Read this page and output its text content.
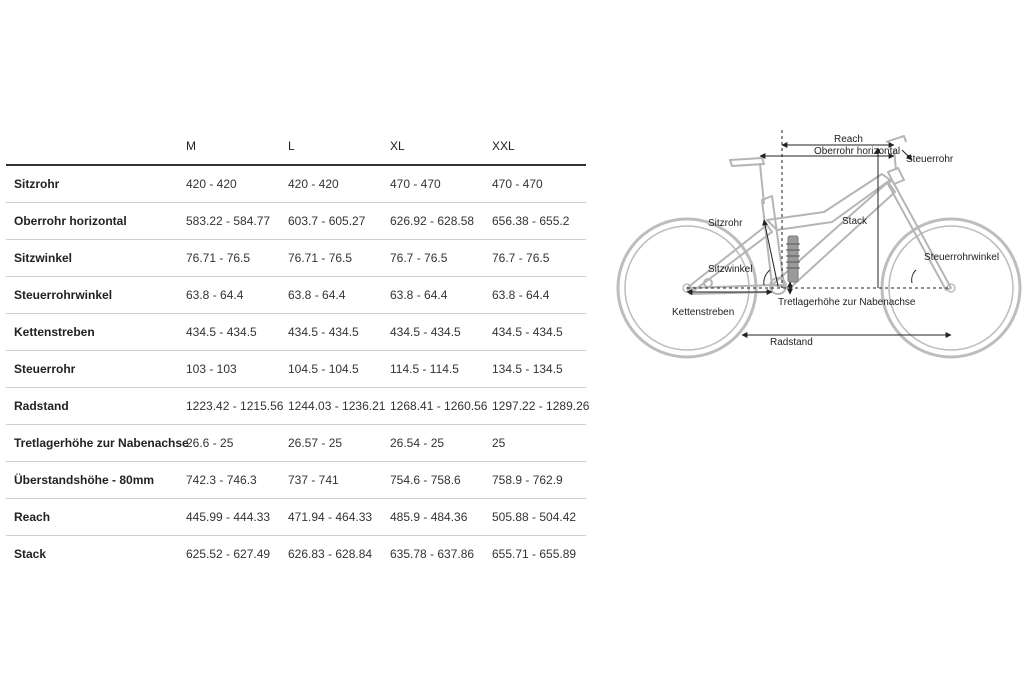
	M	L	XL	XXL
Sitzrohr	420 - 420	420 - 420	470 - 470	470 - 470
Oberrohr horizontal	583.22 - 584.77	603.7 - 605.27	626.92 - 628.58	656.38 - 655.2
Sitzwinkel	76.71 - 76.5	76.71 - 76.5	76.7 - 76.5	76.7 - 76.5
Steuerrohrwinkel	63.8 - 64.4	63.8 - 64.4	63.8 - 64.4	63.8 - 64.4
Kettenstreben	434.5 - 434.5	434.5 - 434.5	434.5 - 434.5	434.5 - 434.5
Steuerrohr	103 - 103	104.5 - 104.5	114.5 - 114.5	134.5 - 134.5
Radstand	1223.42 - 1215.56	1244.03 - 1236.21	1268.41 - 1260.56	1297.22 - 1289.26
Tretlagerhöhe zur Nabenachse	26.6 - 25	26.57 - 25	26.54 - 25	25
Überstandshöhe - 80mm	742.3 - 746.3	737 - 741	754.6 - 758.6	758.9 - 762.9
Reach	445.99 - 444.33	471.94 - 464.33	485.9 - 484.36	505.88 - 504.42
Stack	625.52 - 627.49	626.83 - 628.84	635.78 - 637.86	655.71 - 655.89
Reach
Oberrohr horizontal
Steuerrohr
Sitzrohr	Stack
Steuerrohrwinkel
Sitzwinkel
Tretlagerhöhe zur Nabenachse
Kettenstreben
Radstand
